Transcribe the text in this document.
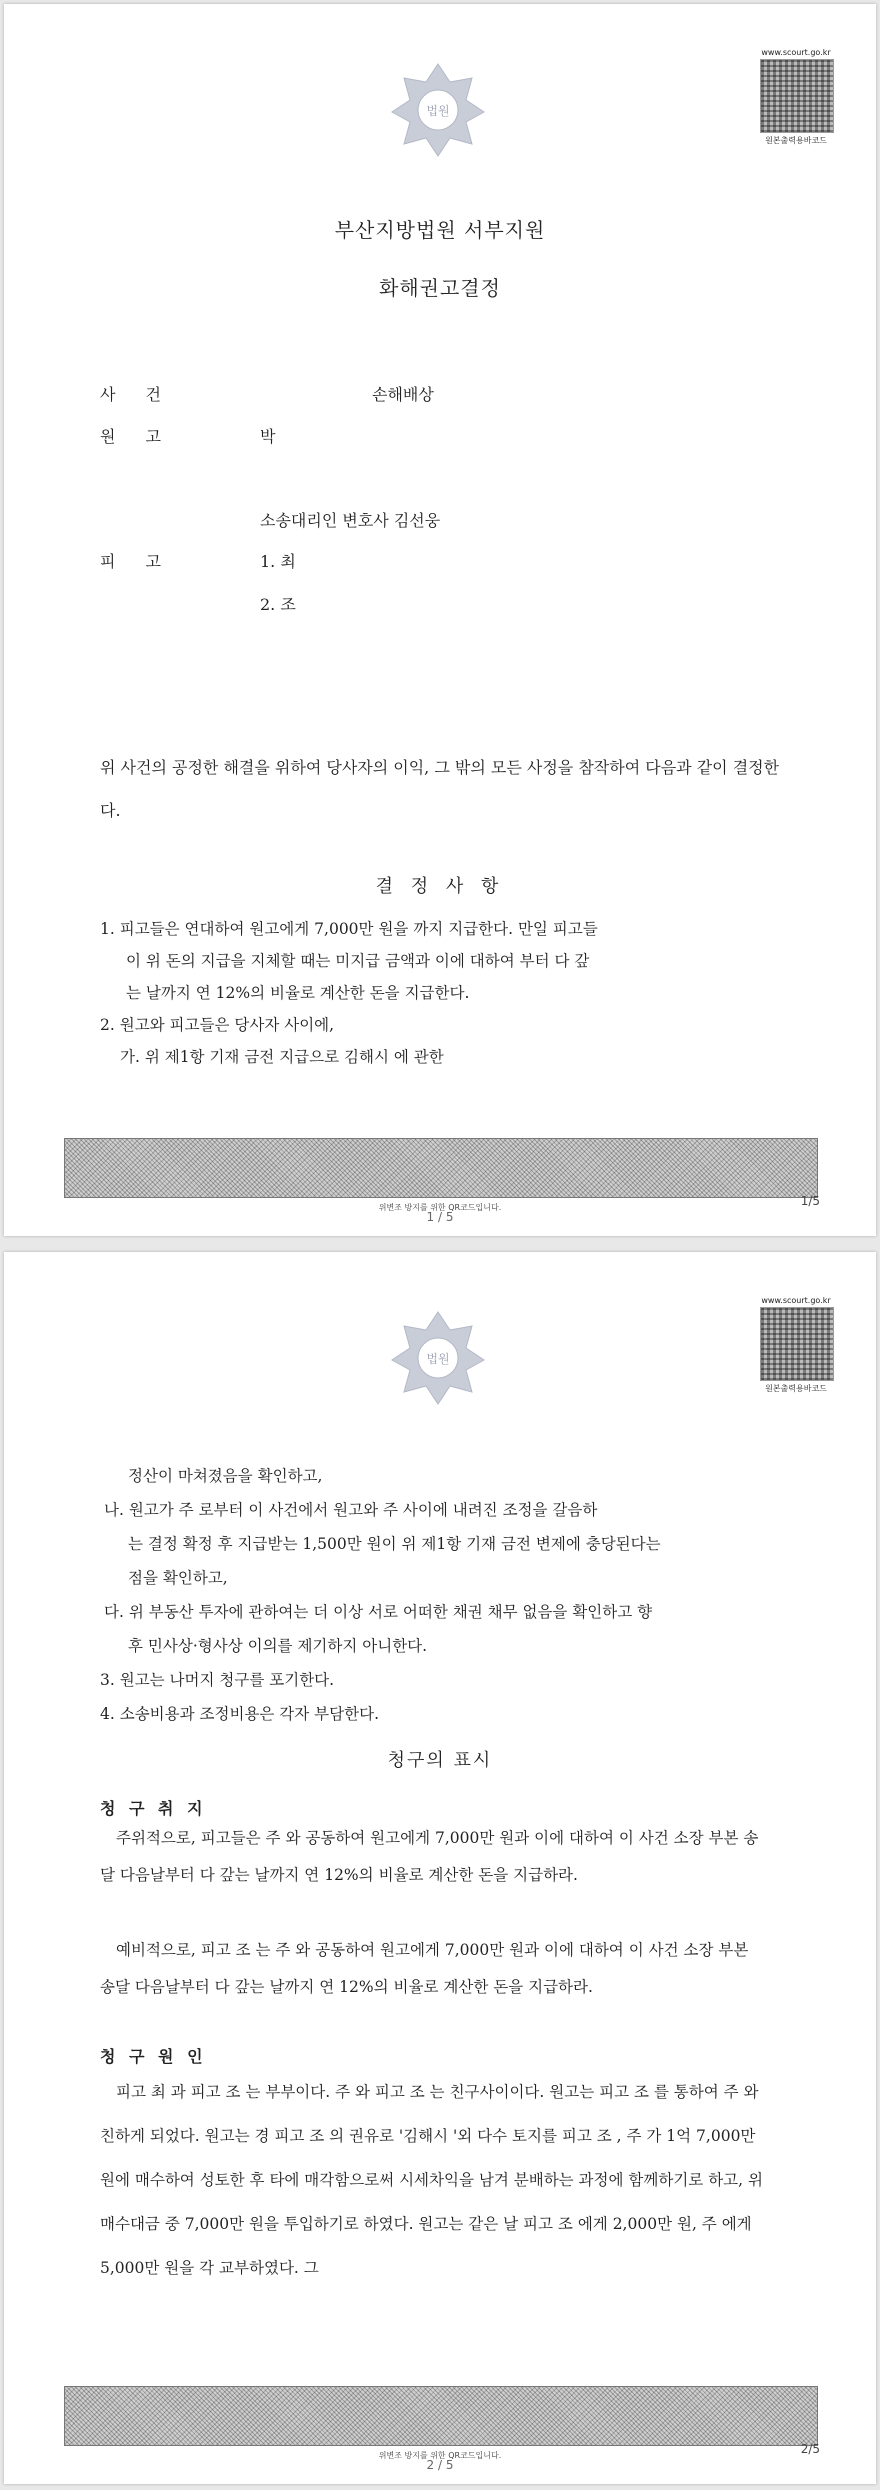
법원
www.scourt.go.kr
원본출력용바코드
부산지방법원 서부지원
화해권고결정
사건	손해배상
원고	박
소송대리인 변호사 김선웅
피고	1. 최
2. 조
위 사건의 공정한 해결을 위하여 당사자의 이익, 그 밖의 모든 사정을 참작하여 다음과 같이 결정한다.
결 정 사 항
1. 피고들은 연대하여 원고에게 7,000만 원을 까지 지급한다. 만일 피고들
이 위 돈의 지급을 지체할 때는 미지급 금액과 이에 대하여 부터 다 갚
는 날까지 연 12%의 비율로 계산한 돈을 지급한다.
2. 원고와 피고들은 당사자 사이에,
가. 위 제1항 기재 금전 지급으로 김해시 에 관한
위변조 방지를 위한 QR코드입니다.
1 / 5
1/5
법원
www.scourt.go.kr
원본출력용바코드
정산이 마쳐졌음을 확인하고,
나. 원고가 주 로부터 이 사건에서 원고와 주 사이에 내려진 조정을 갈음하
는 결정 확정 후 지급받는 1,500만 원이 위 제1항 기재 금전 변제에 충당된다는
점을 확인하고,
다. 위 부동산 투자에 관하여는 더 이상 서로 어떠한 채권 채무 없음을 확인하고 향
후 민사상·형사상 이의를 제기하지 아니한다.
3. 원고는 나머지 청구를 포기한다.
4. 소송비용과 조정비용은 각자 부담한다.
청구의 표시
청 구 취 지
주위적으로, 피고들은 주 와 공동하여 원고에게 7,000만 원과 이에 대하여 이 사건 소장 부본 송달 다음날부터 다 갚는 날까지 연 12%의 비율로 계산한 돈을 지급하라.
예비적으로, 피고 조 는 주 와 공동하여 원고에게 7,000만 원과 이에 대하여 이 사건 소장 부본 송달 다음날부터 다 갚는 날까지 연 12%의 비율로 계산한 돈을 지급하라.
청 구 원 인
피고 최 과 피고 조 는 부부이다. 주 와 피고 조 는 친구사이이다. 원고는 피고 조 를 통하여 주 와 친하게 되었다. 원고는 경 피고 조 의 권유로 '김해시 '외 다수 토지를 피고 조 , 주 가 1억 7,000만 원에 매수하여 성토한 후 타에 매각함으로써 시세차익을 남겨 분배하는 과정에 함께하기로 하고, 위 매수대금 중 7,000만 원을 투입하기로 하였다. 원고는 같은 날 피고 조 에게 2,000만 원, 주 에게 5,000만 원을 각 교부하였다. 그
위변조 방지를 위한 QR코드입니다.
2 / 5
2/5
